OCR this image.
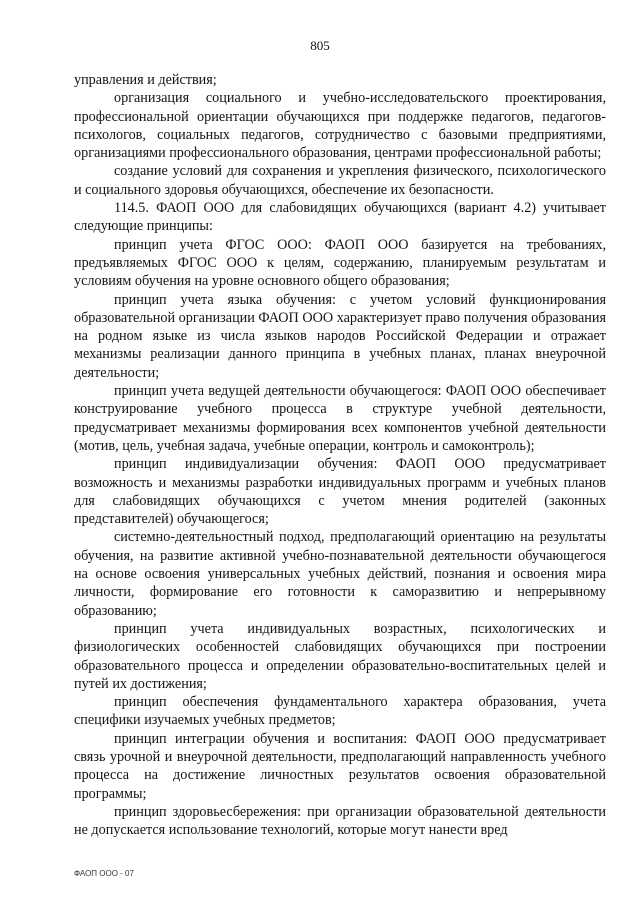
805

управления и действия;

организация социального и учебно-исследовательского проектирования, профессиональной ориентации обучающихся при поддержке педагогов, педагогов-психологов, социальных педагогов, сотрудничество с базовыми предприятиями, организациями профессионального образования, центрами профессиональной работы;

создание условий для сохранения и укрепления физического, психологического и социального здоровья обучающихся, обеспечение их безопасности.

114.5. ФАОП ООО для слабовидящих обучающихся (вариант 4.2) учитывает следующие принципы:

принцип учета ФГОС ООО: ФАОП ООО базируется на требованиях, предъявляемых ФГОС ООО к целям, содержанию, планируемым результатам и условиям обучения на уровне основного общего образования;

принцип учета языка обучения: с учетом условий функционирования образовательной организации ФАОП ООО характеризует право получения образования на родном языке из числа языков народов Российской Федерации и отражает механизмы реализации данного принципа в учебных планах, планах внеурочной деятельности;

принцип учета ведущей деятельности обучающегося: ФАОП ООО обеспечивает конструирование учебного процесса в структуре учебной деятельности, предусматривает механизмы формирования всех компонентов учебной деятельности (мотив, цель, учебная задача, учебные операции, контроль и самоконтроль);

принцип индивидуализации обучения: ФАОП ООО предусматривает возможность и механизмы разработки индивидуальных программ и учебных планов для слабовидящих обучающихся с учетом мнения родителей (законных представителей) обучающегося;

системно-деятельностный подход, предполагающий ориентацию на результаты обучения, на развитие активной учебно-познавательной деятельности обучающегося на основе освоения универсальных учебных действий, познания и освоения мира личности, формирование его готовности к саморазвитию и непрерывному образованию;

принцип учета индивидуальных возрастных, психологических и физиологических особенностей слабовидящих обучающихся при построении образовательного процесса и определении образовательно-воспитательных целей и путей их достижения;

принцип обеспечения фундаментального характера образования, учета специфики изучаемых учебных предметов;

принцип интеграции обучения и воспитания: ФАОП ООО предусматривает связь урочной и внеурочной деятельности, предполагающий направленность учебного процесса на достижение личностных результатов освоения образовательной программы;

принцип здоровьесбережения: при организации образовательной деятельности не допускается использование технологий, которые могут нанести вред

ФАОП ООО - 07
